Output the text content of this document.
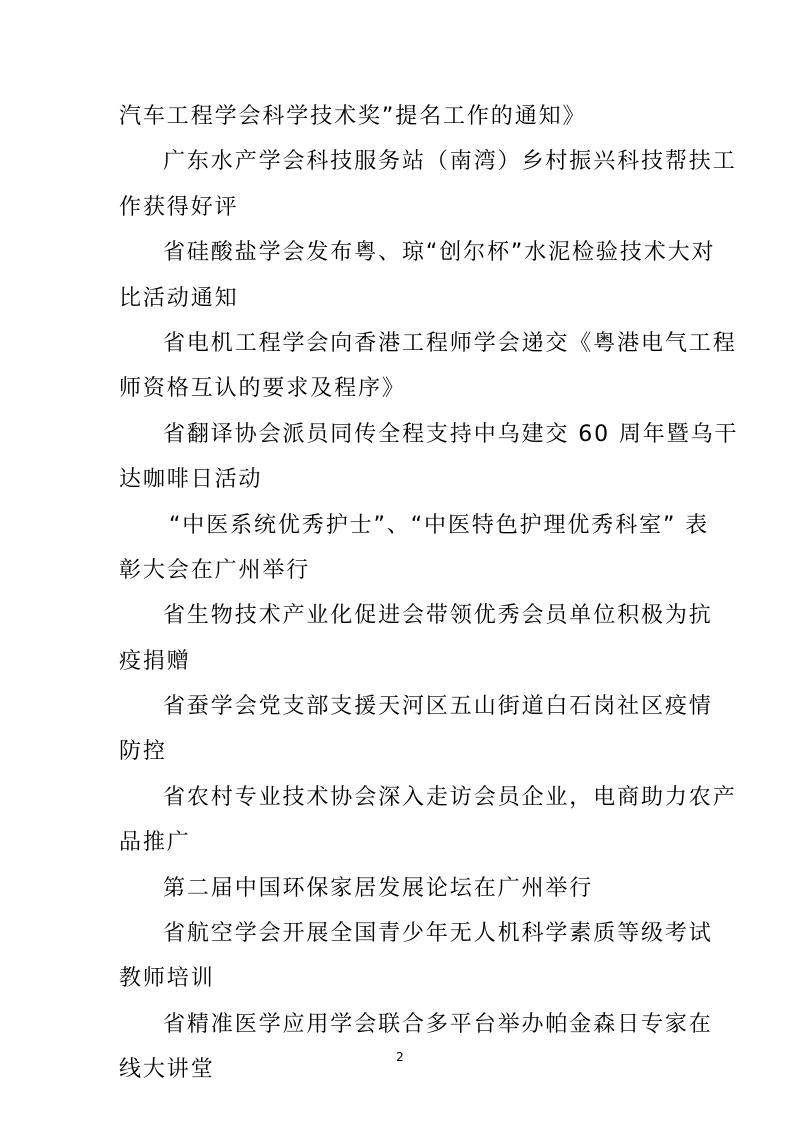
汽车工程学会科学技术奖”提名工作的通知》
广东水产学会科技服务站（南湾）乡村振兴科技帮扶工
作获得好评
省硅酸盐学会发布粤、琼“创尔杯”水泥检验技术大对
比活动通知
省电机工程学会向香港工程师学会递交《粤港电气工程
师资格互认的要求及程序》
省翻译协会派员同传全程支持中乌建交 60 周年暨乌干
达咖啡日活动
“中医系统优秀护士”、“中医特色护理优秀科室” 表
彰大会在广州举行
省生物技术产业化促进会带领优秀会员单位积极为抗
疫捐赠
省蚕学会党支部支援天河区五山街道白石岗社区疫情
防控
省农村专业技术协会深入走访会员企业，电商助力农产
品推广
第二届中国环保家居发展论坛在广州举行
省航空学会开展全国青少年无人机科学素质等级考试
教师培训
省精准医学应用学会联合多平台举办帕金森日专家在
线大讲堂
2
